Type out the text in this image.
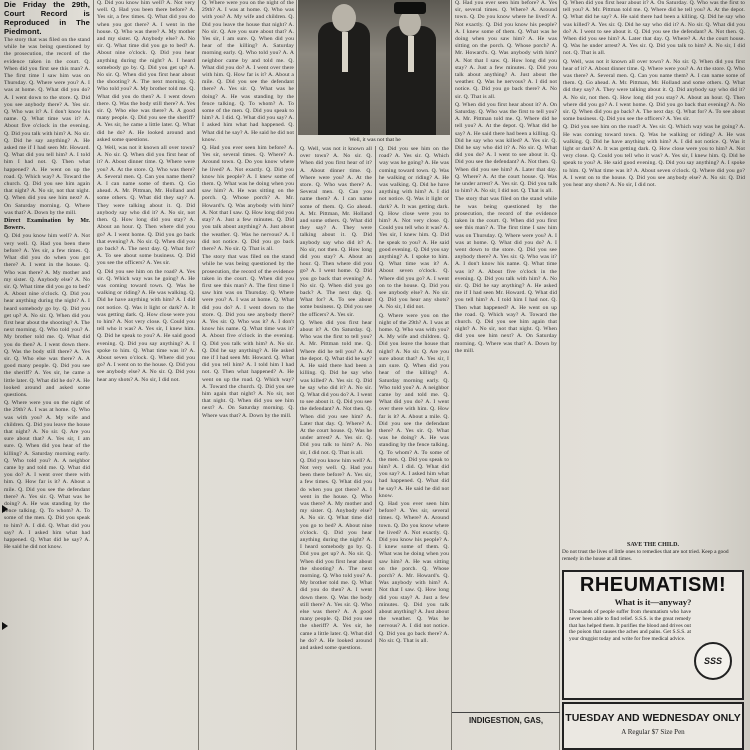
Die Friday the 29th, Court Record is Reproduced in The Piedmont.

The story that was filed on the stand while he was being questioned by the prosecution, the record of the evidence taken in the court. Q. When did you first see this man? A. The first time I saw him was on Thursday. Q. Where were you? A. I was at home. Q. What did you do? A. I went down to the store. Q. Did you see anybody there? A. Yes sir. Q. Who was it? A. I don't know his name. Q. What time was it? A. About five o'clock in the evening. Q. Did you talk with him? A. No sir. Q. Did he say anything? A. He asked me if I had seen Mr. Howard. Q. What did you tell him? A. I told him I had not. Q. Then what happened? A. He went on up the road. Q. Which way? A. Toward the church. Q. Did you see him again that night? A. No sir, not that night. Q. When did you see him next? A. On Saturday morning. Q. Where was that? A. Down by the mill.

Direct Examination by Mr. Bowers.

Q. Did you know him well? A. Not very well. Q. Had you been there before? A. Yes sir, a few times. Q. What did you do when you got there? A. I went in the house. Q. Who was there? A. My mother and my sister. Q. Anybody else? A. No sir. Q. What time did you go to bed? A. About nine o'clock. Q. Did you hear anything during the night? A. I heard somebody go by. Q. Did you get up? A. No sir. Q. When did you first hear about the shooting? A. The next morning. Q. Who told you? A. My brother told me. Q. What did you do then? A. I went down there. Q. Was the body still there? A. Yes sir. Q. Who else was there? A. A good many people. Q. Did you see the sheriff? A. Yes sir, he came a little later. Q. What did he do? A. He looked around and asked some questions.

Q. Where were you on the night of the 29th? A. I was at home. Q. Who was with you? A. My wife and children. Q. Did you leave the house that night? A. No sir. Q. Are you sure about that? A. Yes sir, I am sure. Q. When did you hear of the killing? A. Saturday morning early. Q. Who told you? A. A neighbor came by and told me. Q. What did you do? A. I went over there with him. Q. How far is it? A. About a mile. Q. Did you see the defendant there? A. Yes sir. Q. What was he doing? A. He was standing by the fence talking. Q. To whom? A. To some of the men. Q. Did you speak to him? A. I did. Q. What did you say? A. I asked him what had happened. Q. What did he say? A. He said he did not know.

Q. Did you know him well? A. Not very well. Q. Had you been there before? A. Yes sir, a few times. Q. What did you do when you got there? A. I went in the house. Q. Who was there? A. My mother and my sister. Q. Anybody else? A. No sir. Q. What time did you go to bed? A. About nine o'clock. Q. Did you hear anything during the night? A. I heard somebody go by. Q. Did you get up? A. No sir. Q. When did you first hear about the shooting? A. The next morning. Q. Who told you? A. My brother told me. Q. What did you do then? A. I went down there. Q. Was the body still there? A. Yes sir. Q. Who else was there? A. A good many people. Q. Did you see the sheriff? A. Yes sir, he came a little later. Q. What did he do? A. He looked around and asked some questions.

Q. Well, was not it known all over town? A. No sir. Q. When did you first hear of it? A. About dinner time. Q. Where were you? A. At the store. Q. Who was there? A. Several men. Q. Can you name them? A. I can name some of them. Q. Go ahead. A. Mr. Pittman, Mr. Holland and some others. Q. What did they say? A. They were talking about it. Q. Did anybody say who did it? A. No sir, not then. Q. How long did you stay? A. About an hour. Q. Then where did you go? A. I went home. Q. Did you go back that evening? A. No sir. Q. When did you go back? A. The next day. Q. What for? A. To see about some business. Q. Did you see the officers? A. Yes sir.

Q. Did you see him on the road? A. Yes sir. Q. Which way was he going? A. He was coming toward town. Q. Was he walking or riding? A. He was walking. Q. Did he have anything with him? A. I did not notice. Q. Was it light or dark? A. It was getting dark. Q. How close were you to him? A. Not very close. Q. Could you tell who it was? A. Yes sir, I knew him. Q. Did he speak to you? A. He said good evening. Q. Did you say anything? A. I spoke to him. Q. What time was it? A. About seven o'clock. Q. Where did you go? A. I went on to the house. Q. Did you see anybody else? A. No sir. Q. Did you hear any shots? A. No sir, I did not.

Q. Where were you on the night of the 29th? A. I was at home. Q. Who was with you? A. My wife and children. Q. Did you leave the house that night? A. No sir. Q. Are you sure about that? A. Yes sir, I am sure. Q. When did you hear of the killing? A. Saturday morning early. Q. Who told you? A. A neighbor came by and told me. Q. What did you do? A. I went over there with him. Q. How far is it? A. About a mile. Q. Did you see the defendant there? A. Yes sir. Q. What was he doing? A. He was standing by the fence talking. Q. To whom? A. To some of the men. Q. Did you speak to him? A. I did. Q. What did you say? A. I asked him what had happened. Q. What did he say? A. He said he did not know.

Q. Had you ever seen him before? A. Yes sir, several times. Q. Where? A. Around town. Q. Do you know where he lived? A. Not exactly. Q. Did you know his people? A. I knew some of them. Q. What was he doing when you saw him? A. He was sitting on the porch. Q. Whose porch? A. Mr. Howard's. Q. Was anybody with him? A. Not that I saw. Q. How long did you stay? A. Just a few minutes. Q. Did you talk about anything? A. Just about the weather. Q. Was he nervous? A. I did not notice. Q. Did you go back there? A. No sir. Q. That is all.

The story that was filed on the stand while he was being questioned by the prosecution, the record of the evidence taken in the court. Q. When did you first see this man? A. The first time I saw him was on Thursday. Q. Where were you? A. I was at home. Q. What did you do? A. I went down to the store. Q. Did you see anybody there? A. Yes sir. Q. Who was it? A. I don't know his name. Q. What time was it? A. About five o'clock in the evening. Q. Did you talk with him? A. No sir. Q. Did he say anything? A. He asked me if I had seen Mr. Howard. Q. What did you tell him? A. I told him I had not. Q. Then what happened? A. He went on up the road. Q. Which way? A. Toward the church. Q. Did you see him again that night? A. No sir, not that night. Q. When did you see him next? A. On Saturday morning. Q. Where was that? A. Down by the mill.

Well, it was not that he

Q. Well, was not it known all over town? A. No sir. Q. When did you first hear of it? A. About dinner time. Q. Where were you? A. At the store. Q. Who was there? A. Several men. Q. Can you name them? A. I can name some of them. Q. Go ahead. A. Mr. Pittman, Mr. Holland and some others. Q. What did they say? A. They were talking about it. Q. Did anybody say who did it? A. No sir, not then. Q. How long did you stay? A. About an hour. Q. Then where did you go? A. I went home. Q. Did you go back that evening? A. No sir. Q. When did you go back? A. The next day. Q. What for? A. To see about some business. Q. Did you see the officers? A. Yes sir.

Q. When did you first hear about it? A. On Saturday. Q. Who was the first to tell you? A. Mr. Pittman told me. Q. Where did he tell you? A. At the depot. Q. What did he say? A. He said there had been a killing. Q. Did he say who was killed? A. Yes sir. Q. Did he say who did it? A. No sir. Q. What did you do? A. I went to see about it. Q. Did you see the defendant? A. Not then. Q. When did you see him? A. Later that day. Q. Where? A. At the court house. Q. Was he under arrest? A. Yes sir. Q. Did you talk to him? A. No sir, I did not. Q. That is all.

Q. Did you know him well? A. Not very well. Q. Had you been there before? A. Yes sir, a few times. Q. What did you do when you got there? A. I went in the house. Q. Who was there? A. My mother and my sister. Q. Anybody else? A. No sir. Q. What time did you go to bed? A. About nine o'clock. Q. Did you hear anything during the night? A. I heard somebody go by. Q. Did you get up? A. No sir. Q. When did you first hear about the shooting? A. The next morning. Q. Who told you? A. My brother told me. Q. What did you do then? A. I went down there. Q. Was the body still there? A. Yes sir. Q. Who else was there? A. A good many people. Q. Did you see the sheriff? A. Yes sir, he came a little later. Q. What did he do? A. He looked around and asked some questions.

Q. Did you see him on the road? A. Yes sir. Q. Which way was he going? A. He was coming toward town. Q. Was he walking or riding? A. He was walking. Q. Did he have anything with him? A. I did not notice. Q. Was it light or dark? A. It was getting dark. Q. How close were you to him? A. Not very close. Q. Could you tell who it was? A. Yes sir, I knew him. Q. Did he speak to you? A. He said good evening. Q. Did you say anything? A. I spoke to him. Q. What time was it? A. About seven o'clock. Q. Where did you go? A. I went on to the house. Q. Did you see anybody else? A. No sir. Q. Did you hear any shots? A. No sir, I did not.

Q. Where were you on the night of the 29th? A. I was at home. Q. Who was with you? A. My wife and children. Q. Did you leave the house that night? A. No sir. Q. Are you sure about that? A. Yes sir, I am sure. Q. When did you hear of the killing? A. Saturday morning early. Q. Who told you? A. A neighbor came by and told me. Q. What did you do? A. I went over there with him. Q. How far is it? A. About a mile. Q. Did you see the defendant there? A. Yes sir. Q. What was he doing? A. He was standing by the fence talking. Q. To whom? A. To some of the men. Q. Did you speak to him? A. I did. Q. What did you say? A. I asked him what had happened. Q. What did he say? A. He said he did not know.

Q. Had you ever seen him before? A. Yes sir, several times. Q. Where? A. Around town. Q. Do you know where he lived? A. Not exactly. Q. Did you know his people? A. I knew some of them. Q. What was he doing when you saw him? A. He was sitting on the porch. Q. Whose porch? A. Mr. Howard's. Q. Was anybody with him? A. Not that I saw. Q. How long did you stay? A. Just a few minutes. Q. Did you talk about anything? A. Just about the weather. Q. Was he nervous? A. I did not notice. Q. Did you go back there? A. No sir. Q. That is all.

Q. Had you ever seen him before? A. Yes sir, several times. Q. Where? A. Around town. Q. Do you know where he lived? A. Not exactly. Q. Did you know his people? A. I knew some of them. Q. What was he doing when you saw him? A. He was sitting on the porch. Q. Whose porch? A. Mr. Howard's. Q. Was anybody with him? A. Not that I saw. Q. How long did you stay? A. Just a few minutes. Q. Did you talk about anything? A. Just about the weather. Q. Was he nervous? A. I did not notice. Q. Did you go back there? A. No sir. Q. That is all.

Q. When did you first hear about it? A. On Saturday. Q. Who was the first to tell you? A. Mr. Pittman told me. Q. Where did he tell you? A. At the depot. Q. What did he say? A. He said there had been a killing. Q. Did he say who was killed? A. Yes sir. Q. Did he say who did it? A. No sir. Q. What did you do? A. I went to see about it. Q. Did you see the defendant? A. Not then. Q. When did you see him? A. Later that day. Q. Where? A. At the court house. Q. Was he under arrest? A. Yes sir. Q. Did you talk to him? A. No sir, I did not. Q. That is all.

The story that was filed on the stand while he was being questioned by the prosecution, the record of the evidence taken in the court. Q. When did you first see this man? A. The first time I saw him was on Thursday. Q. Where were you? A. I was at home. Q. What did you do? A. I went down to the store. Q. Did you see anybody there? A. Yes sir. Q. Who was it? A. I don't know his name. Q. What time was it? A. About five o'clock in the evening. Q. Did you talk with him? A. No sir. Q. Did he say anything? A. He asked me if I had seen Mr. Howard. Q. What did you tell him? A. I told him I had not. Q. Then what happened? A. He went on up the road. Q. Which way? A. Toward the church. Q. Did you see him again that night? A. No sir, not that night. Q. When did you see him next? A. On Saturday morning. Q. Where was that? A. Down by the mill.

Q. When did you first hear about it? A. On Saturday. Q. Who was the first to tell you? A. Mr. Pittman told me. Q. Where did he tell you? A. At the depot. Q. What did he say? A. He said there had been a killing. Q. Did he say who was killed? A. Yes sir. Q. Did he say who did it? A. No sir. Q. What did you do? A. I went to see about it. Q. Did you see the defendant? A. Not then. Q. When did you see him? A. Later that day. Q. Where? A. At the court house. Q. Was he under arrest? A. Yes sir. Q. Did you talk to him? A. No sir, I did not. Q. That is all.

Q. Well, was not it known all over town? A. No sir. Q. When did you first hear of it? A. About dinner time. Q. Where were you? A. At the store. Q. Who was there? A. Several men. Q. Can you name them? A. I can name some of them. Q. Go ahead. A. Mr. Pittman, Mr. Holland and some others. Q. What did they say? A. They were talking about it. Q. Did anybody say who did it? A. No sir, not then. Q. How long did you stay? A. About an hour. Q. Then where did you go? A. I went home. Q. Did you go back that evening? A. No sir. Q. When did you go back? A. The next day. Q. What for? A. To see about some business. Q. Did you see the officers? A. Yes sir.

Q. Did you see him on the road? A. Yes sir. Q. Which way was he going? A. He was coming toward town. Q. Was he walking or riding? A. He was walking. Q. Did he have anything with him? A. I did not notice. Q. Was it light or dark? A. It was getting dark. Q. How close were you to him? A. Not very close. Q. Could you tell who it was? A. Yes sir, I knew him. Q. Did he speak to you? A. He said good evening. Q. Did you say anything? A. I spoke to him. Q. What time was it? A. About seven o'clock. Q. Where did you go? A. I went on to the house. Q. Did you see anybody else? A. No sir. Q. Did you hear any shots? A. No sir, I did not.

SAVE THE CHILD.
Do not trust the lives of little ones to remedies that are not tried. Keep a good remedy in the house at all times.
RHEUMATISM!
What is it—anyway?
Thousands of people suffer from rheumatism who have never been able to find relief. S.S.S. is the great remedy that has helped them. It purifies the blood and drives out the poison that causes the aches and pains. Get S.S.S. at your druggist today and write for free medical advice.
SSS
TUESDAY AND WEDNESDAY ONLY
A Regular $7 Size Pen
INDIGESTION, GAS,
